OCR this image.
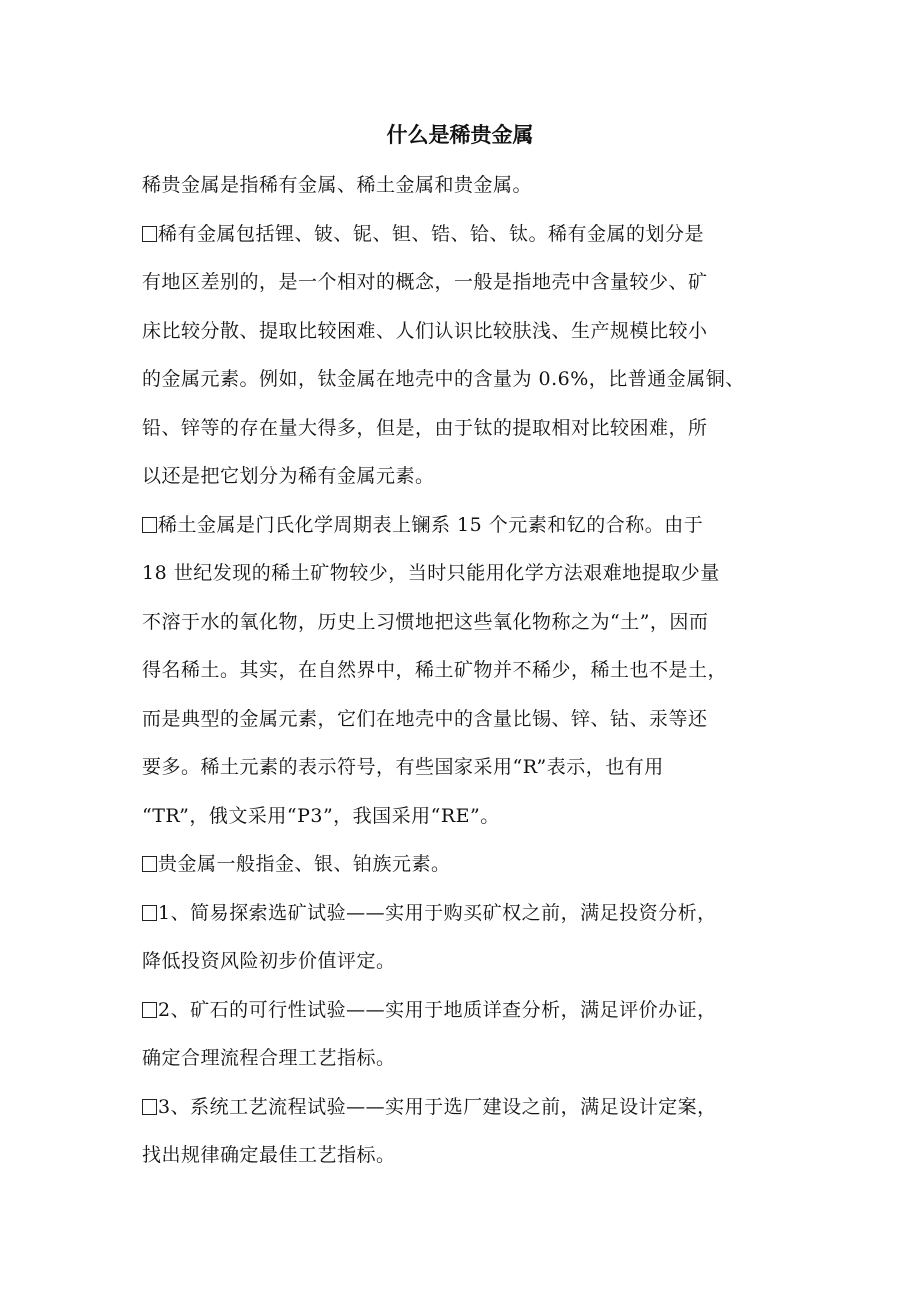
什么是稀贵金属
稀贵金属是指稀有金属、稀土金属和贵金属。
稀有金属包括锂、铍、铌、钽、锆、铪、钛。稀有金属的划分是
有地区差别的，是一个相对的概念，一般是指地壳中含量较少、矿
床比较分散、提取比较困难、人们认识比较肤浅、生产规模比较小
的金属元素。例如，钛金属在地壳中的含量为 0.6%，比普通金属铜、
铅、锌等的存在量大得多，但是，由于钛的提取相对比较困难，所
以还是把它划分为稀有金属元素。
稀土金属是门氏化学周期表上镧系 15 个元素和钇的合称。由于
18 世纪发现的稀土矿物较少，当时只能用化学方法艰难地提取少量
不溶于水的氧化物，历史上习惯地把这些氧化物称之为“土”，因而
得名稀土。其实，在自然界中，稀土矿物并不稀少，稀土也不是土，
而是典型的金属元素，它们在地壳中的含量比锡、锌、钴、汞等还
要多。稀土元素的表示符号，有些国家采用“R”表示，也有用
“TR”，俄文采用“P3”，我国采用“RE”。
贵金属一般指金、银、铂族元素。
1、简易探索选矿试验——实用于购买矿权之前，满足投资分析，
降低投资风险初步价值评定。
2、矿石的可行性试验——实用于地质详查分析，满足评价办证，
确定合理流程合理工艺指标。
3、系统工艺流程试验——实用于选厂建设之前，满足设计定案，
找出规律确定最佳工艺指标。
